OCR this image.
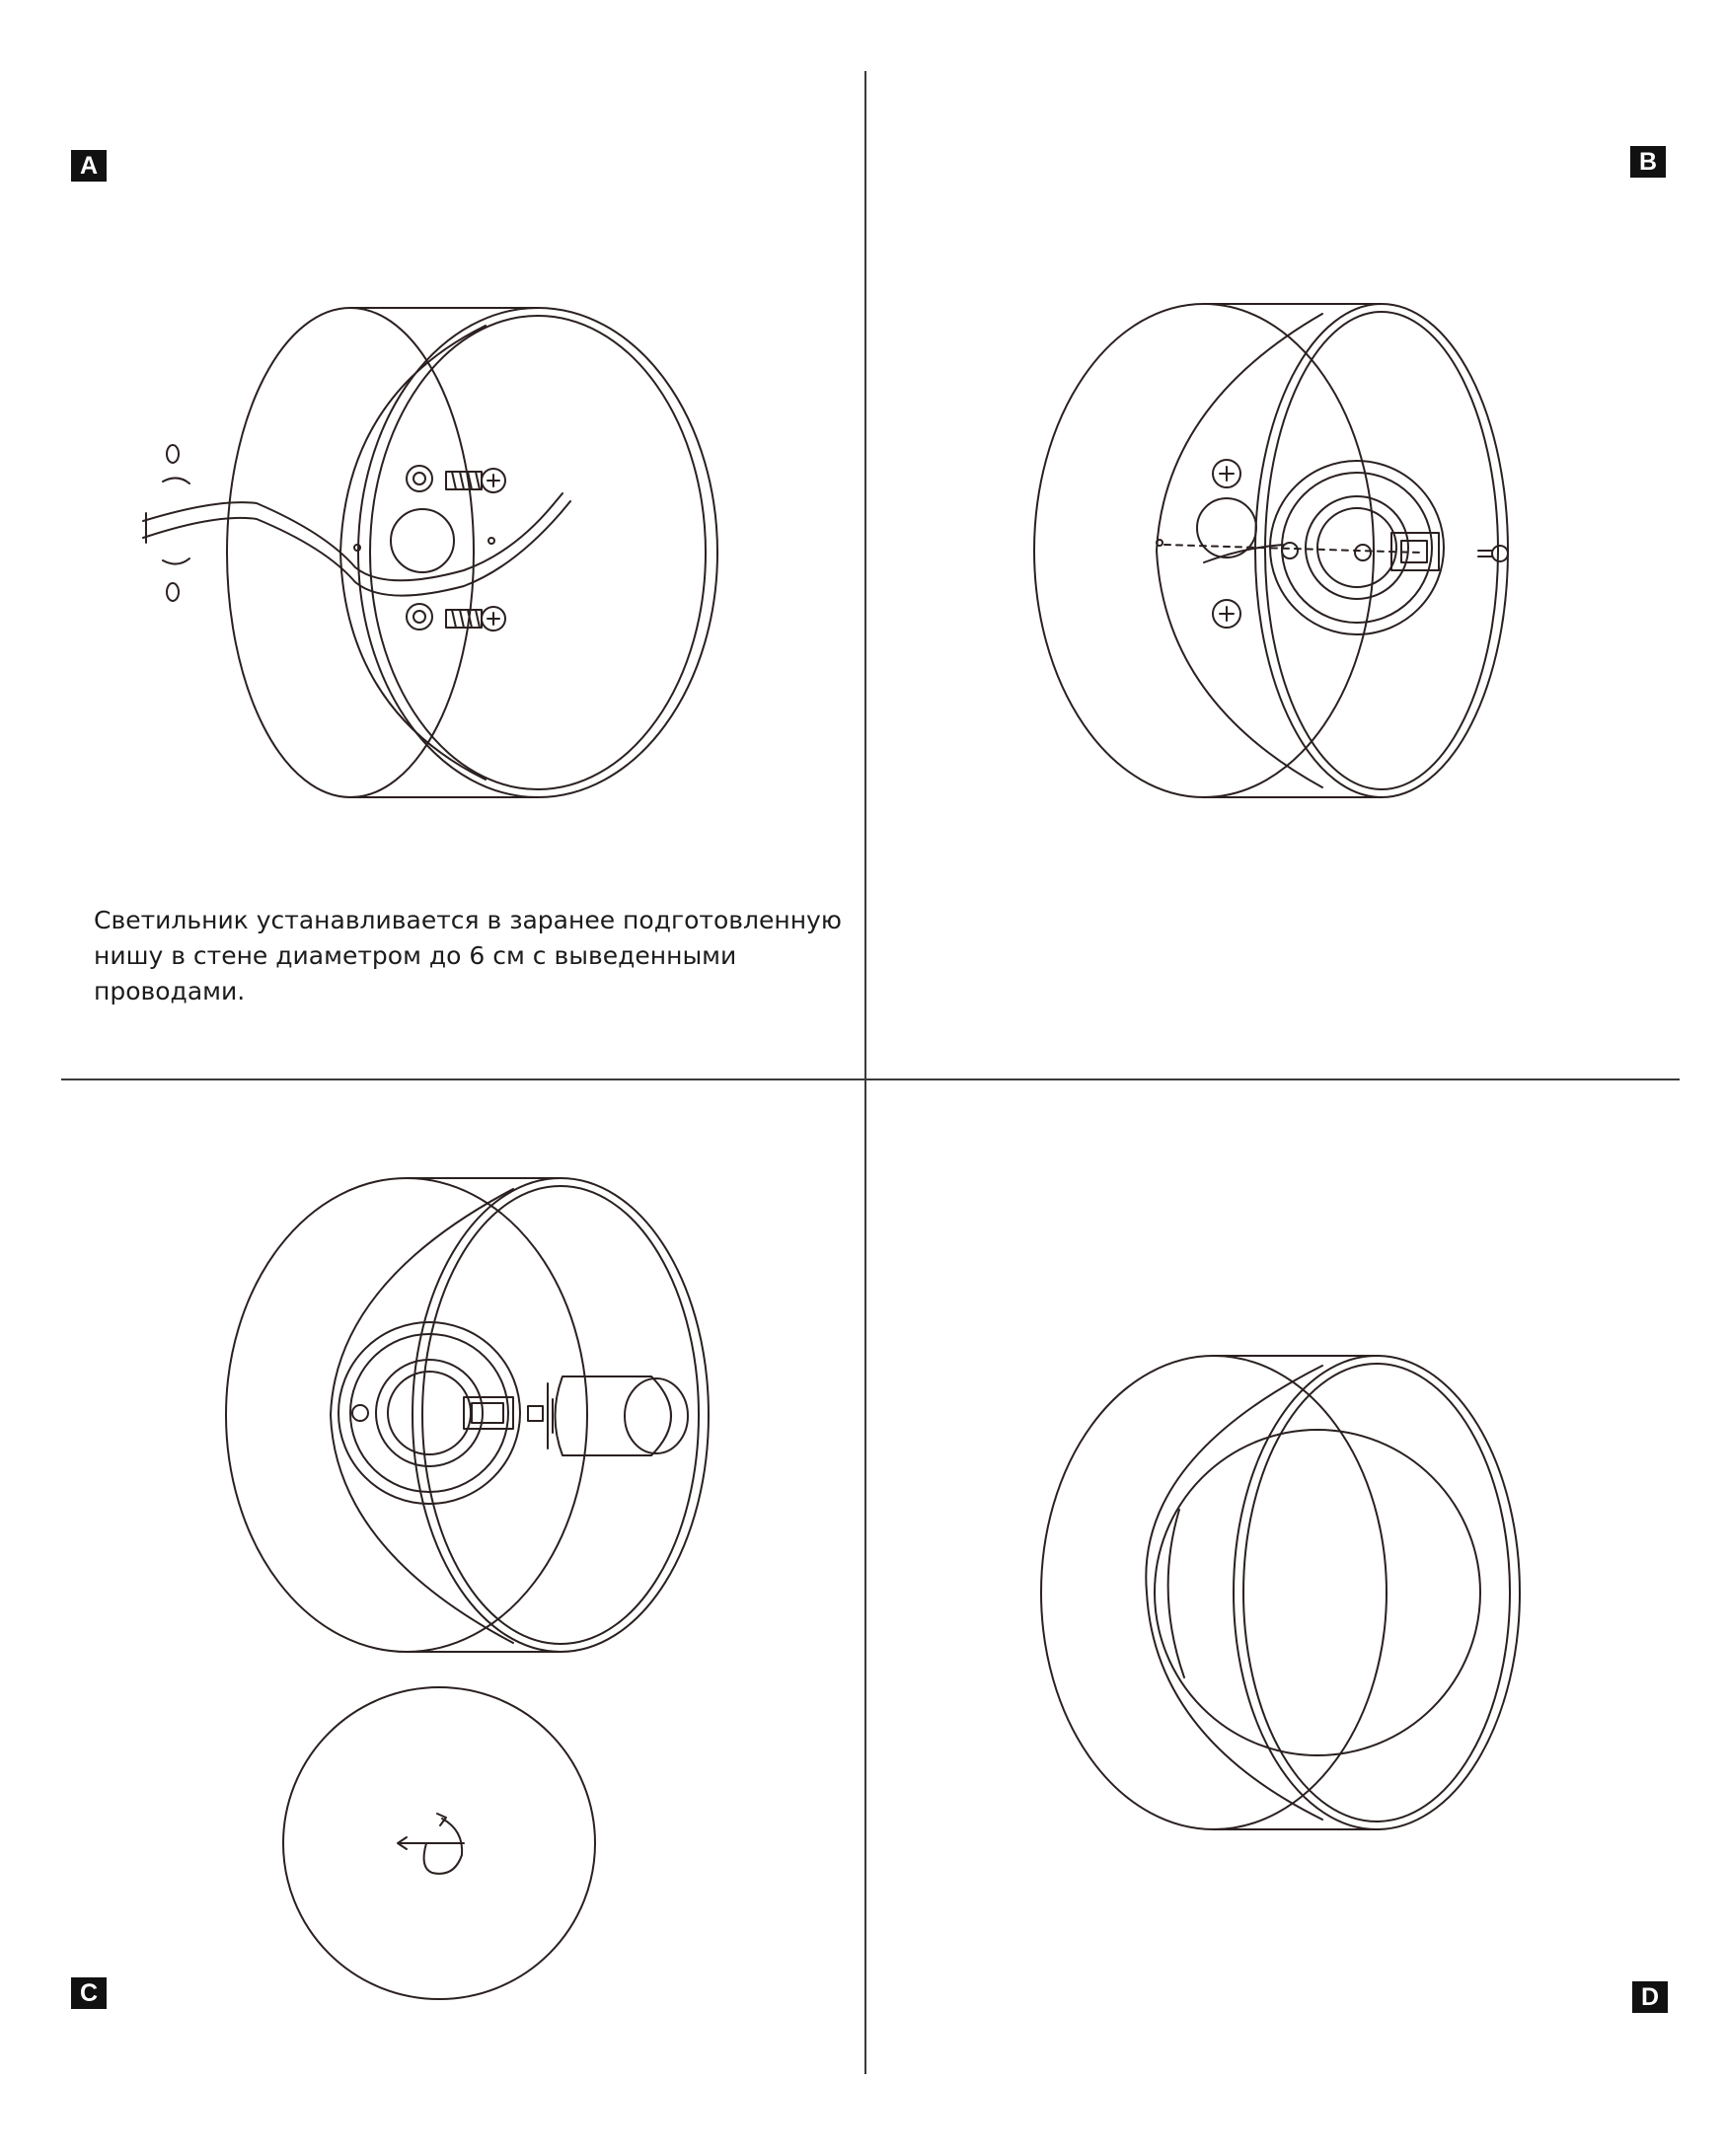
A	B
C	D
Светильник устанавливается в заранее подготовленную
нишу в стене диаметром до 6 см с выведенными
проводами.
